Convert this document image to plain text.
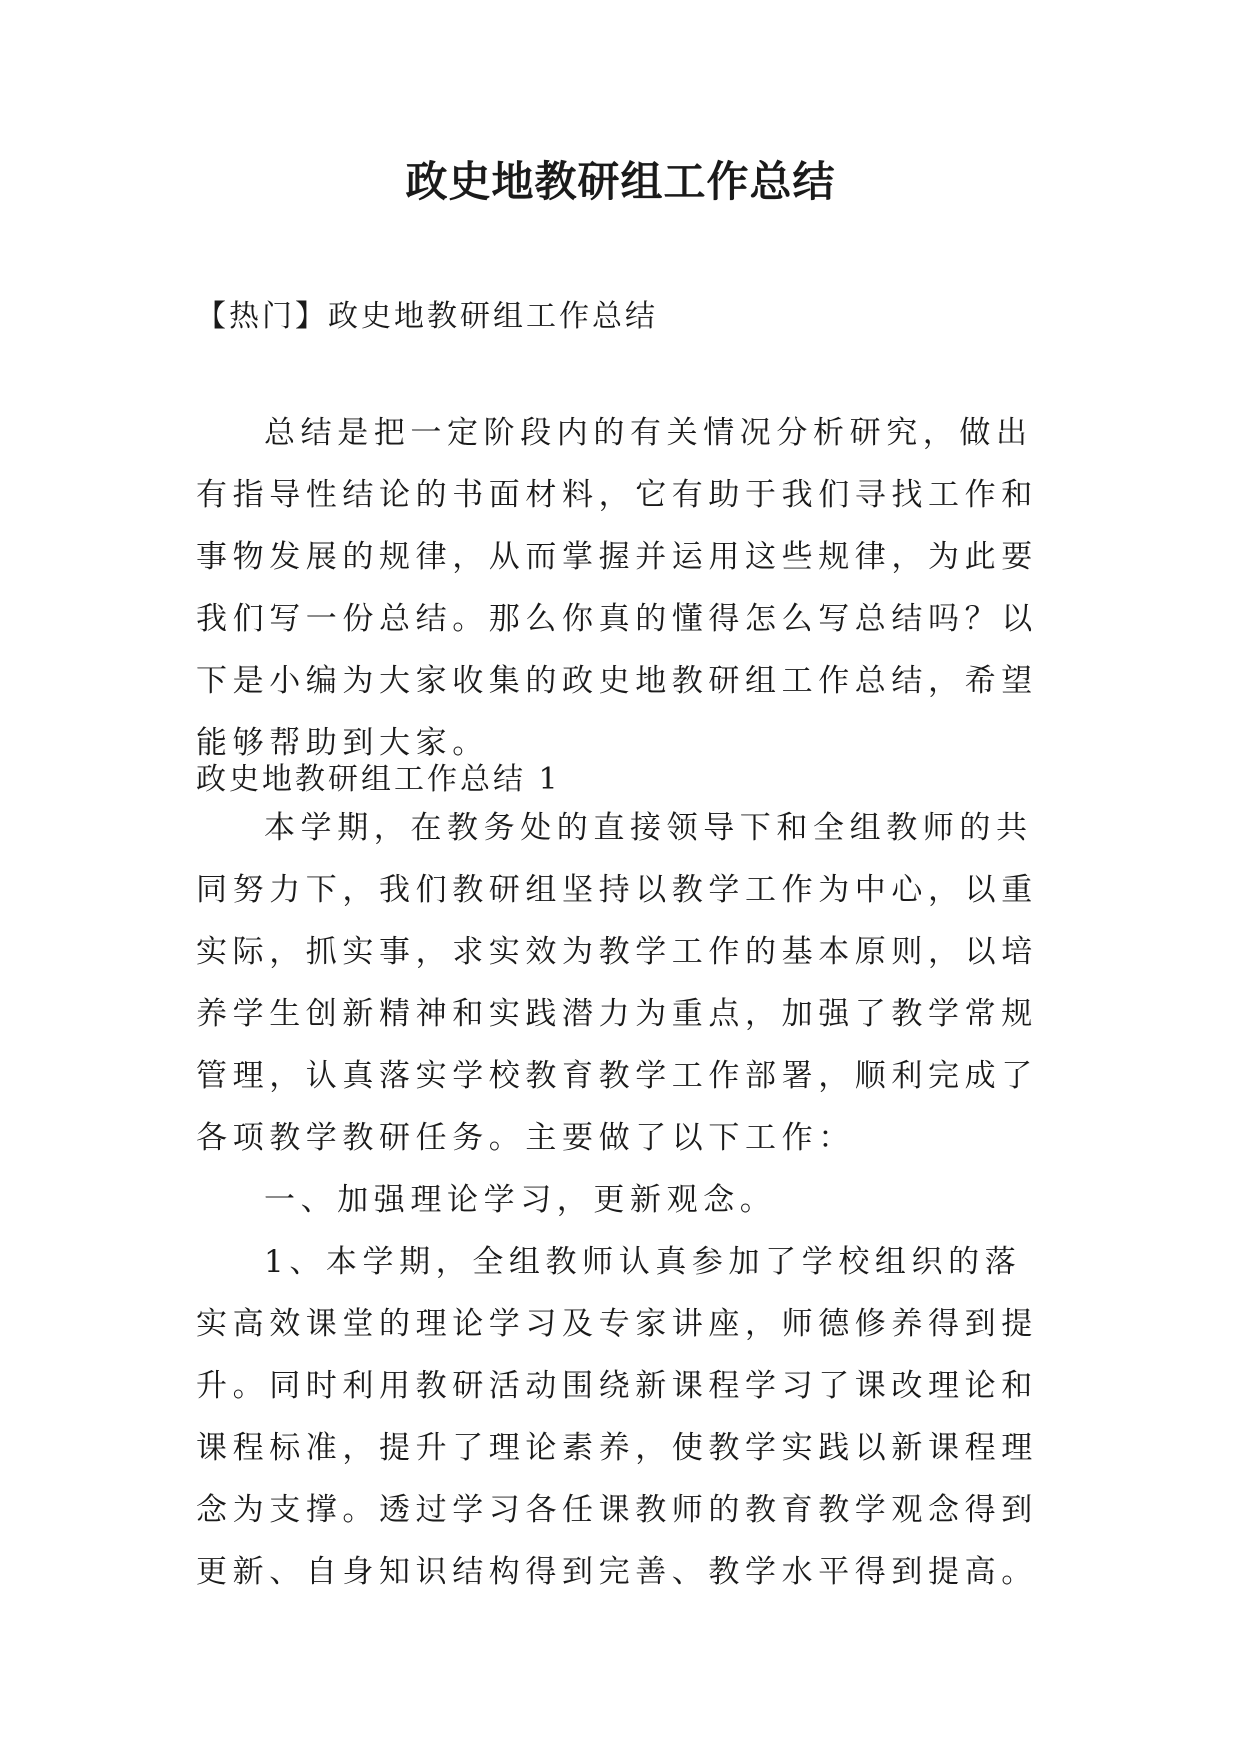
政史地教研组工作总结
【热门】政史地教研组工作总结

总结是把一定阶段内的有关情况分析研究，做出有指导性结论的书面材料，它有助于我们寻找工作和事物发展的规律，从而掌握并运用这些规律，为此要我们写一份总结。那么你真的懂得怎么写总结吗？以下是小编为大家收集的政史地教研组工作总结，希望能够帮助到大家。

政史地教研组工作总结 1

本学期，在教务处的直接领导下和全组教师的共同努力下，我们教研组坚持以教学工作为中心，以重实际，抓实事，求实效为教学工作的基本原则，以培养学生创新精神和实践潜力为重点，加强了教学常规管理，认真落实学校教育教学工作部署，顺利完成了各项教学教研任务。主要做了以下工作：

一、加强理论学习，更新观念。

1、本学期，全组教师认真参加了学校组织的落实高效课堂的理论学习及专家讲座，师德修养得到提升。同时利用教研活动围绕新课程学习了课改理论和课程标准，提升了理论素养，使教学实践以新课程理念为支撑。透过学习各任课教师的教育教学观念得到更新、自身知识结构得到完善、教学水平得到提高。
